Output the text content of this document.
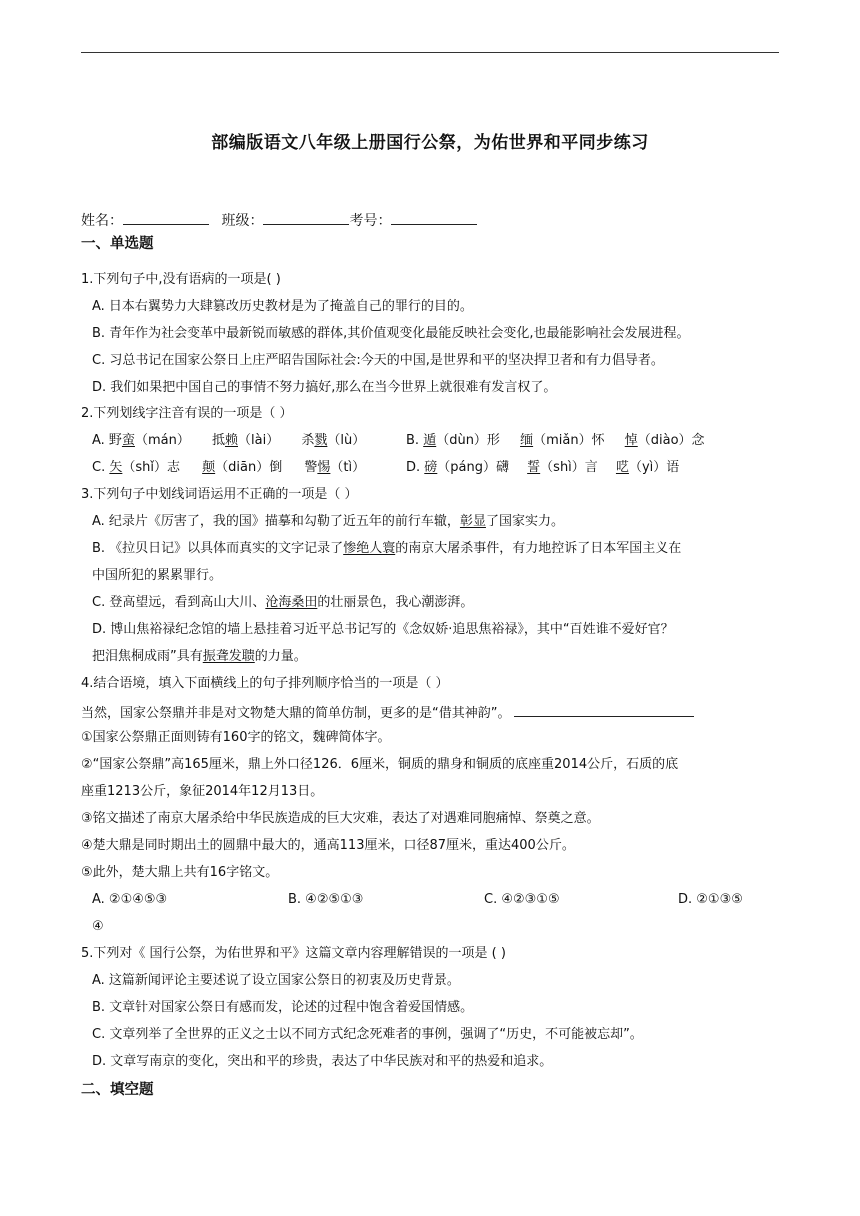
部编版语文八年级上册国行公祭，为佑世界和平同步练习
姓名：	班级：	考号：
一、单选题
1.下列句子中,没有语病的一项是( )
A. 日本右翼势力大肆篡改历史教材是为了掩盖自己的罪行的目的。
B. 青年作为社会变革中最新锐而敏感的群体,其价值观变化最能反映社会变化,也最能影响社会发展进程。
C. 习总书记在国家公祭日上庄严昭告国际社会:今天的中国,是世界和平的坚决捍卫者和有力倡导者。
D. 我们如果把中国自己的事情不努力搞好,那么在当今世界上就很难有发言权了。
2.下列划线字注音有误的一项是（ ）
A. 野蛮（mán） 抵赖（lài） 杀戮（lù）	B. 遁（dùn）形 缅（miǎn）怀 悼（diào）念
C. 矢（shǐ）志 颠（diān）倒 警惕（tì）	D. 磅（páng）礴 誓（shì）言 呓（yì）语
3.下列句子中划线词语运用不正确的一项是（ ）
A. 纪录片《厉害了，我的国》描摹和勾勒了近五年的前行车辙，彰显了国家实力。
B. 《拉贝日记》以具体而真实的文字记录了惨绝人寰的南京大屠杀事件，有力地控诉了日本军国主义在
中国所犯的累累罪行。
C. 登高望远，看到高山大川、沧海桑田的壮丽景色，我心潮澎湃。
D. 博山焦裕禄纪念馆的墙上悬挂着习近平总书记写的《念奴娇·追思焦裕禄》，其中“百姓谁不爱好官？
把泪焦桐成雨”具有振聋发聩的力量。
4.结合语境，填入下面横线上的句子排列顺序恰当的一项是（ ）
当然，国家公祭鼎并非是对文物楚大鼎的简单仿制，更多的是“借其神韵”。
①国家公祭鼎正面则铸有160字的铭文，魏碑简体字。
②“国家公祭鼎”高165厘米，鼎上外口径126．6厘米，铜质的鼎身和铜质的底座重2014公斤，石质的底
座重1213公斤，象征2014年12月13日。
③铭文描述了南京大屠杀给中华民族造成的巨大灾难，表达了对遇难同胞痛悼、祭奠之意。
④楚大鼎是同时期出土的圆鼎中最大的，通高113厘米，口径87厘米，重达400公斤。
⑤此外，楚大鼎上共有16字铭文。
A. ②①④⑤③	B. ④②⑤①③	C. ④②③①⑤	D. ②①③⑤
④
5.下列对《 国行公祭，为佑世界和平》这篇文章内容理解错误的一项是 ( )
A. 这篇新闻评论主要述说了设立国家公祭日的初衷及历史背景。
B. 文章针对国家公祭日有感而发，论述的过程中饱含着爱国情感。
C. 文章列举了全世界的正义之士以不同方式纪念死难者的事例，强调了“历史，不可能被忘却”。
D. 文章写南京的变化，突出和平的珍贵，表达了中华民族对和平的热爱和追求。
二、填空题
